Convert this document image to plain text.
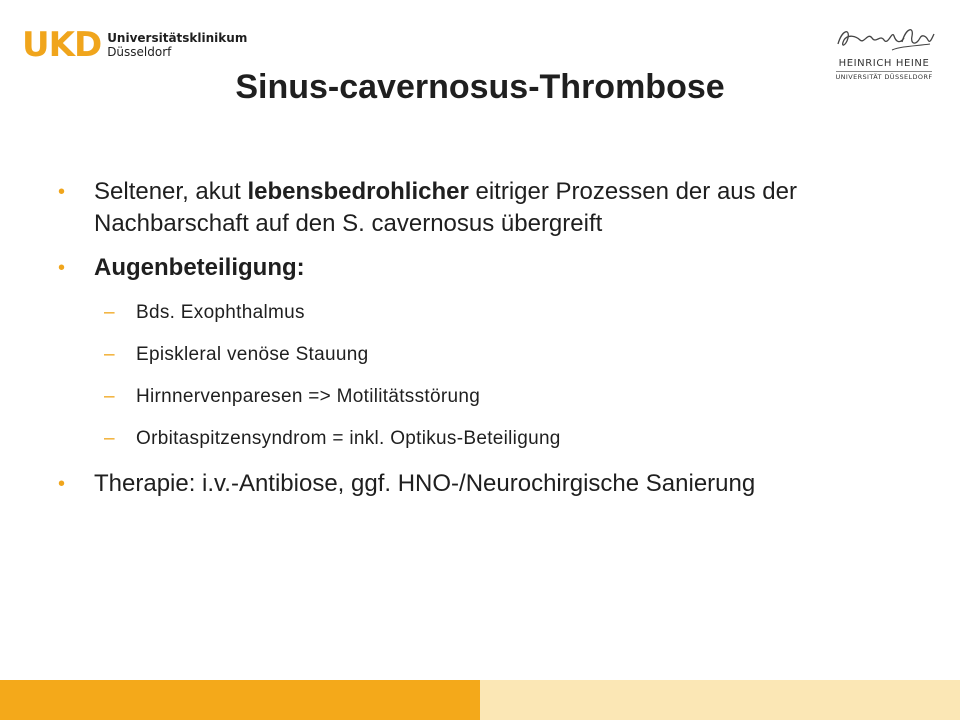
UKD Universitätsklinikum
Düsseldorf
HEINRICH HEINE
UNIVERSITÄT DÜSSELDORF
Sinus-cavernosus-Thrombose
• Seltener, akut lebensbedrohlicher eitriger Prozessen der aus der Nachbarschaft auf den S. cavernosus übergreift
• Augenbeteiligung:
– Bds. Exophthalmus
– Episkleral venöse Stauung
– Hirnnervenparesen => Motilitätsstörung
– Orbitaspitzensyndrom = inkl. Optikus-Beteiligung
• Therapie: i.v.-Antibiose, ggf. HNO-/Neurochirgische Sanierung
